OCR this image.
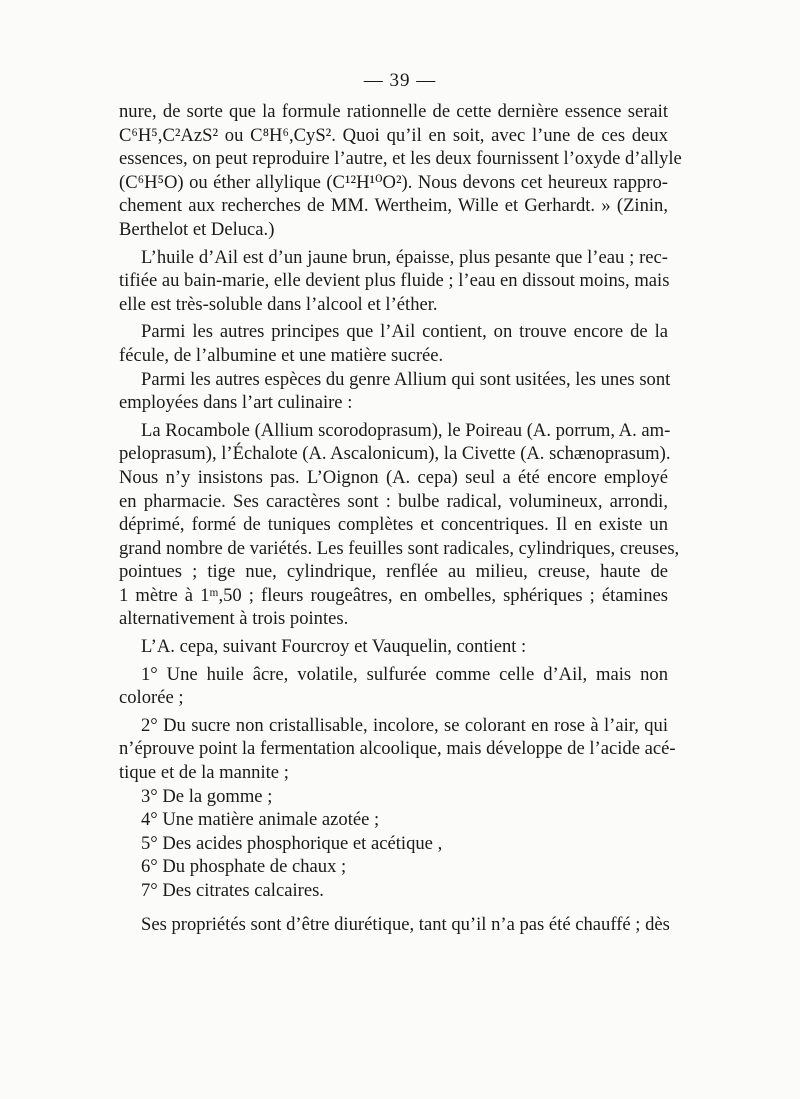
— 39 —
nure, de sorte que la formule rationnelle de cette dernière essence serait
C⁶H⁵,C²AzS² ou C⁸H⁶,CyS². Quoi qu’il en soit, avec l’une de ces deux
essences, on peut reproduire l’autre, et les deux fournissent l’oxyde d’allyle
(C⁶H⁵O) ou éther allylique (C¹²H¹⁰O²). Nous devons cet heureux rappro-
chement aux recherches de MM. Wertheim, Wille et Gerhardt. » (Zinin,
Berthelot et Deluca.)
L’huile d’Ail est d’un jaune brun, épaisse, plus pesante que l’eau ; rec-
tifiée au bain-marie, elle devient plus fluide ; l’eau en dissout moins, mais
elle est très-soluble dans l’alcool et l’éther.
Parmi les autres principes que l’Ail contient, on trouve encore de la
fécule, de l’albumine et une matière sucrée.
Parmi les autres espèces du genre Allium qui sont usitées, les unes sont
employées dans l’art culinaire :
La Rocambole (Allium scorodoprasum), le Poireau (A. porrum, A. am-
peloprasum), l’Échalote (A. Ascalonicum), la Civette (A. schænoprasum).
Nous n’y insistons pas. L’Oignon (A. cepa) seul a été encore employé
en pharmacie. Ses caractères sont : bulbe radical, volumineux, arrondi,
déprimé, formé de tuniques complètes et concentriques. Il en existe un
grand nombre de variétés. Les feuilles sont radicales, cylindriques, creuses,
pointues ; tige nue, cylindrique, renflée au milieu, creuse, haute de
1 mètre à 1ᵐ,50 ; fleurs rougeâtres, en ombelles, sphériques ; étamines
alternativement à trois pointes.
L’A. cepa, suivant Fourcroy et Vauquelin, contient :
1° Une huile âcre, volatile, sulfurée comme celle d’Ail, mais non
colorée ;
2° Du sucre non cristallisable, incolore, se colorant en rose à l’air, qui
n’éprouve point la fermentation alcoolique, mais développe de l’acide acé-
tique et de la mannite ;
3° De la gomme ;
4° Une matière animale azotée ;
5° Des acides phosphorique et acétique ,
6° Du phosphate de chaux ;
7° Des citrates calcaires.
Ses propriétés sont d’être diurétique, tant qu’il n’a pas été chauffé ; dès
